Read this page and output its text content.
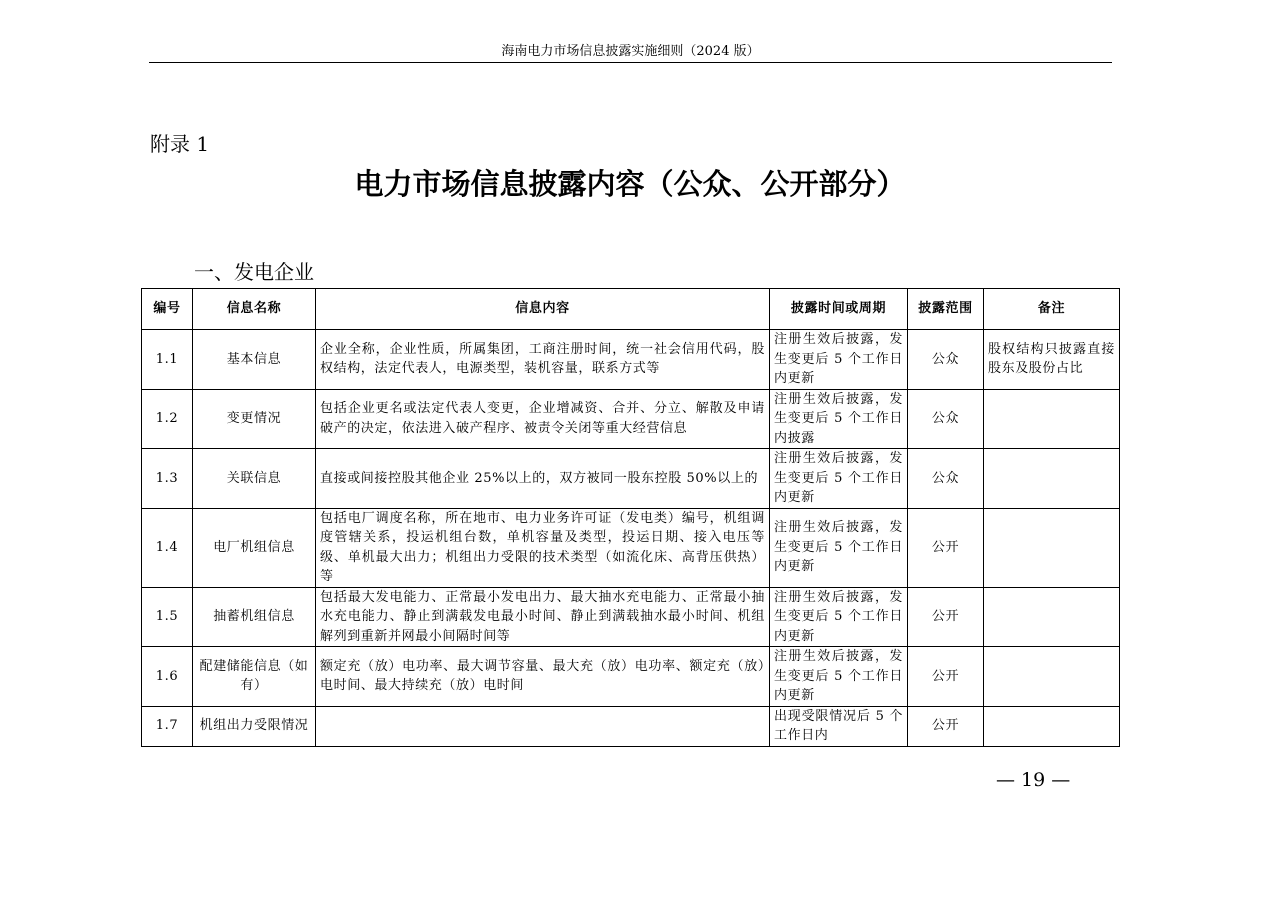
海南电力市场信息披露实施细则（2024 版）
附录 1
电力市场信息披露内容（公众、公开部分）
一、发电企业
编号	信息名称	信息内容	披露时间或周期	披露范围	备注
1.1	基本信息	企业全称，企业性质，所属集团，工商注册时间，统一社会信用代码，股权结构，法定代表人，电源类型，装机容量，联系方式等	注册生效后披露，发生变更后 5 个工作日内更新	公众	股权结构只披露直接股东及股份占比
1.2	变更情况	包括企业更名或法定代表人变更，企业增减资、合并、分立、解散及申请破产的决定，依法进入破产程序、被责令关闭等重大经营信息	注册生效后披露，发生变更后 5 个工作日内披露	公众	
1.3	关联信息	直接或间接控股其他企业 25%以上的，双方被同一股东控股 50%以上的	注册生效后披露，发生变更后 5 个工作日内更新	公众	
1.4	电厂机组信息	包括电厂调度名称，所在地市、电力业务许可证（发电类）编号，机组调度管辖关系，投运机组台数，单机容量及类型，投运日期、接入电压等级、单机最大出力；机组出力受限的技术类型（如流化床、高背压供热）等	注册生效后披露，发生变更后 5 个工作日内更新	公开	
1.5	抽蓄机组信息	包括最大发电能力、正常最小发电出力、最大抽水充电能力、正常最小抽水充电能力、静止到满载发电最小时间、静止到满载抽水最小时间、机组解列到重新并网最小间隔时间等	注册生效后披露，发生变更后 5 个工作日内更新	公开	
1.6	配建储能信息（如有）	额定充（放）电功率、最大调节容量、最大充（放）电功率、额定充（放）电时间、最大持续充（放）电时间	注册生效后披露，发生变更后 5 个工作日内更新	公开	
1.7	机组出力受限情况		出现受限情况后 5 个工作日内	公开	
— 19 —
